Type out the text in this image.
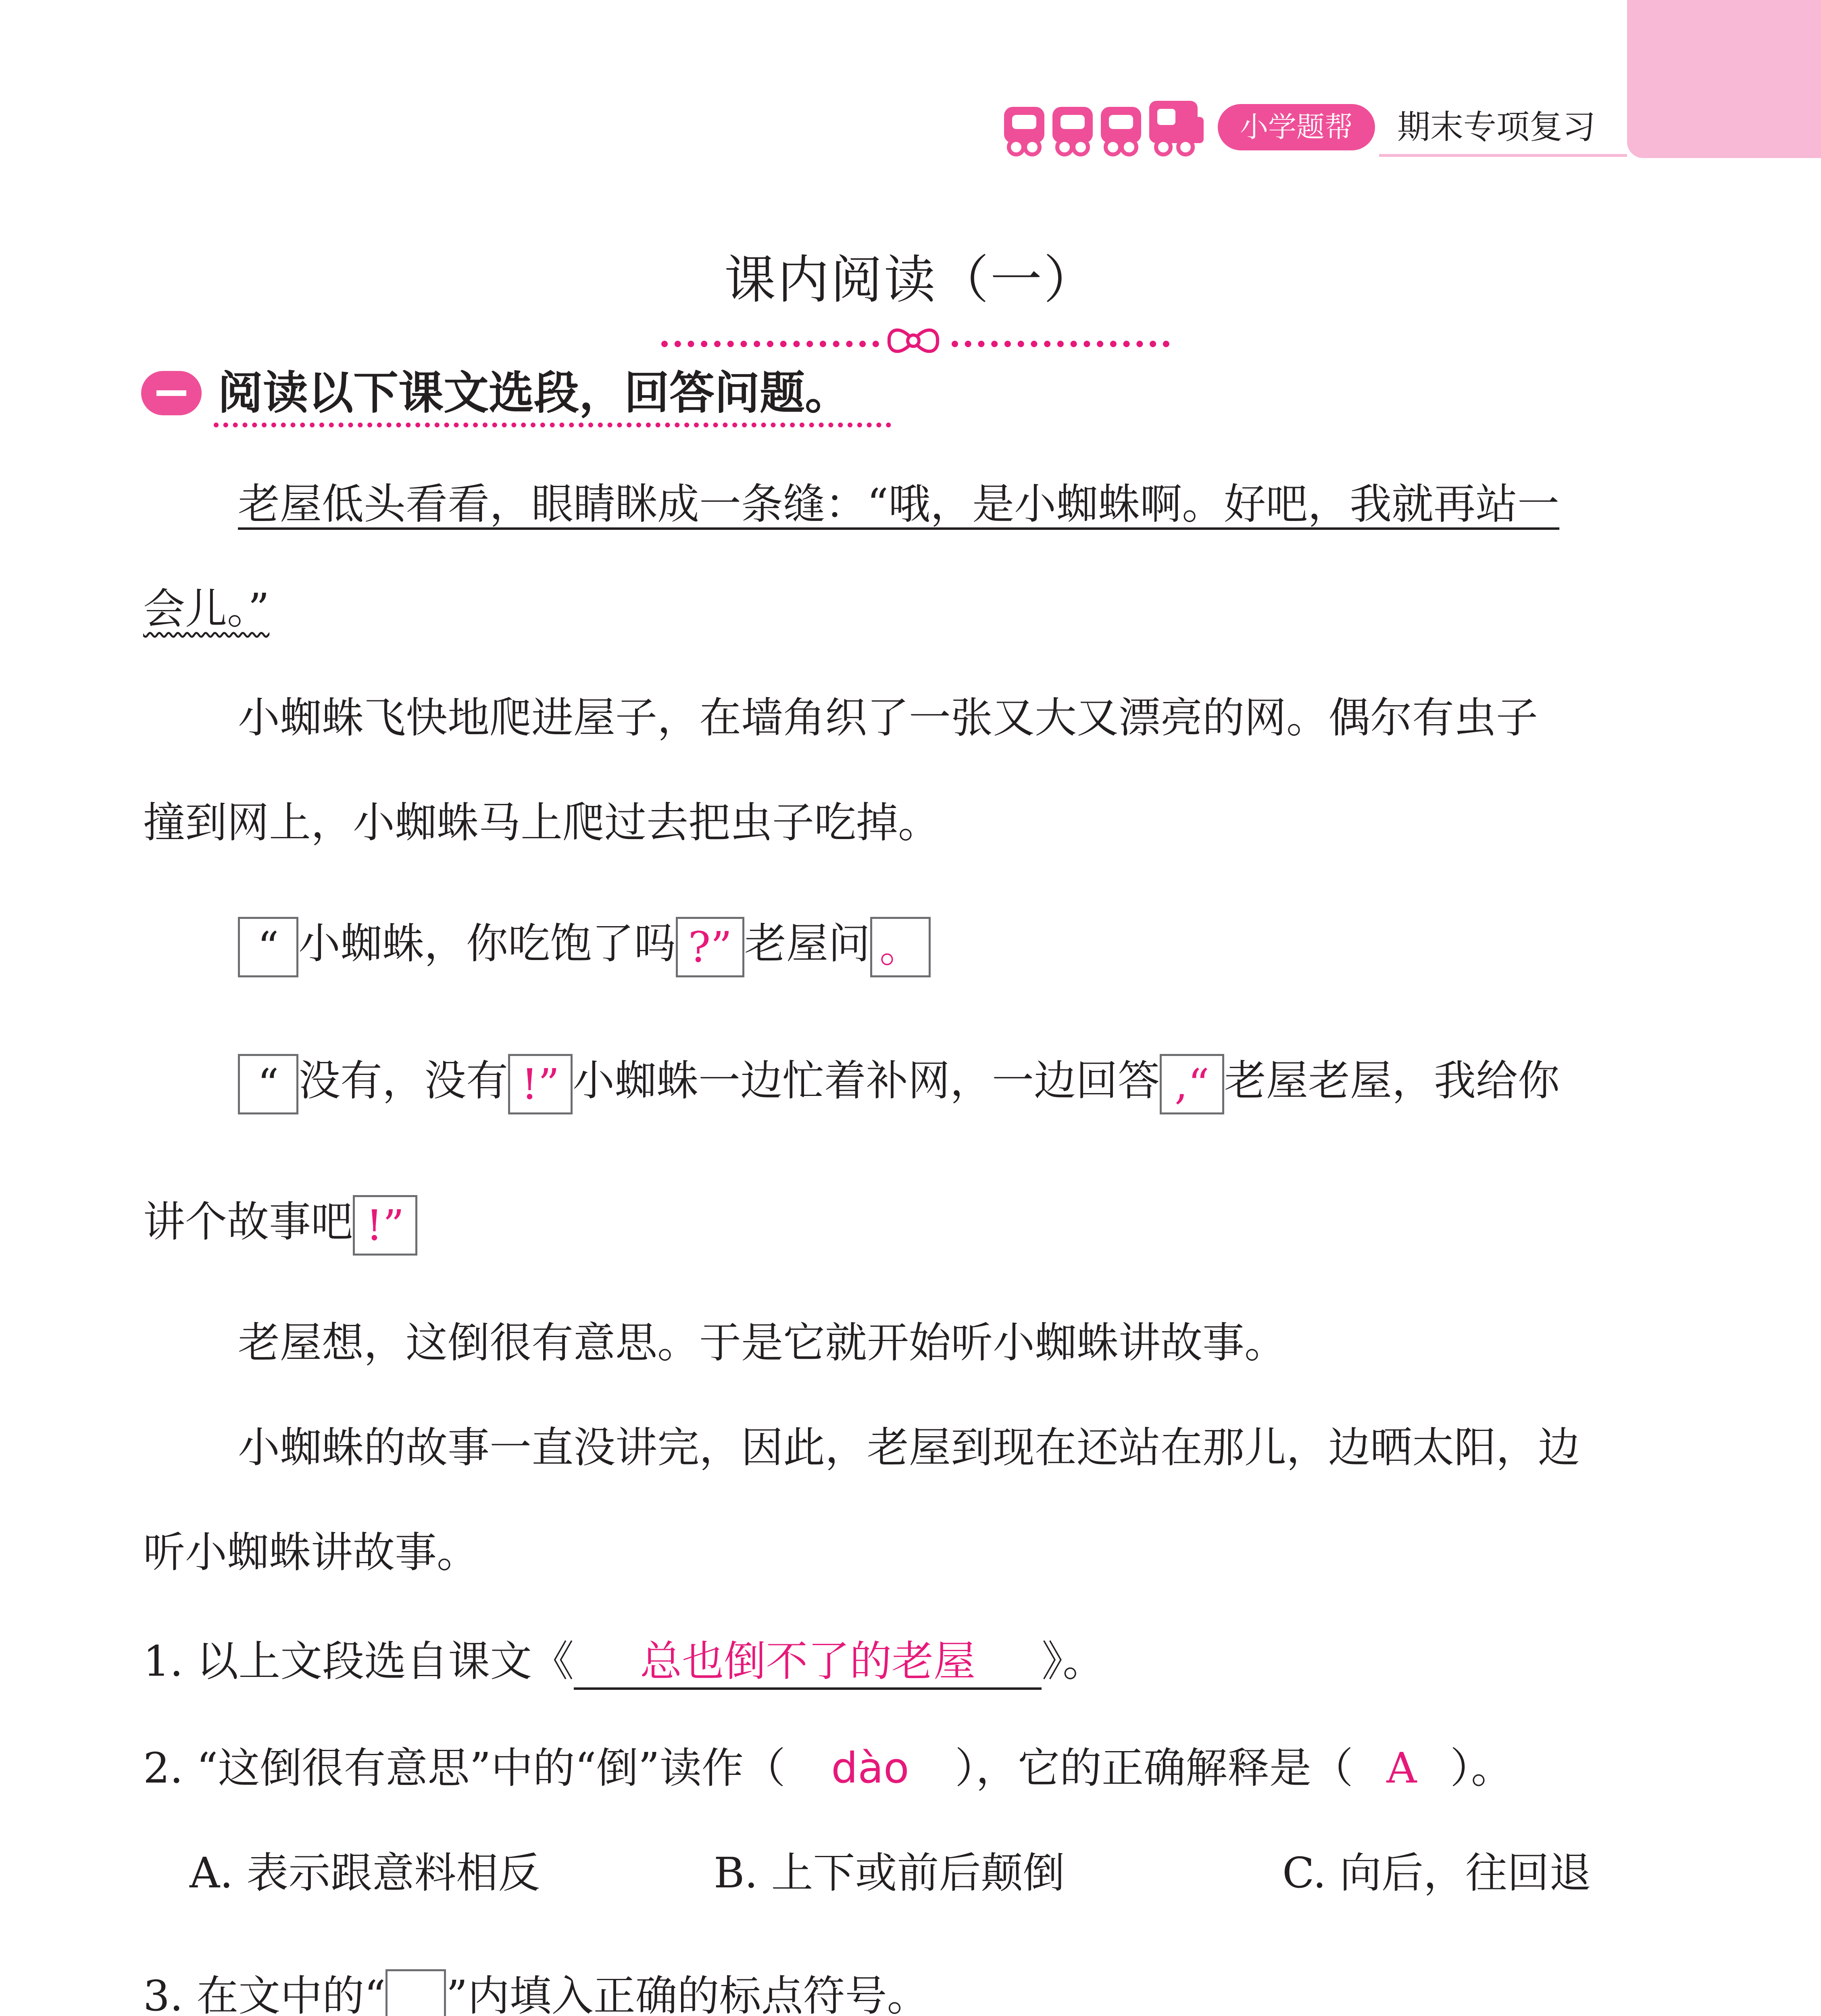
小学题帮	期末专项复习
课内阅读（一）
阅读以下课文选段，回答问题。
老屋低头看看，眼睛眯成一条缝：“哦，是小蜘蛛啊。好吧，我就再站一
会儿。”
小蜘蛛飞快地爬进屋子，在墙角织了一张又大又漂亮的网。偶尔有虫子
撞到网上，小蜘蛛马上爬过去把虫子吃掉。
“ 小蜘蛛，你吃饱了吗 ?” 老屋问 。
“ 没有，没有 !” 小蜘蛛一边忙着补网，一边回答 ,“ 老屋老屋，我给你
讲个故事吧 !”
老屋想，这倒很有意思。于是它就开始听小蜘蛛讲故事。
小蜘蛛的故事一直没讲完，因此，老屋到现在还站在那儿，边晒太阳，边
听小蜘蛛讲故事。
1. 以上文段选自课文《 总也倒不了的老屋 》。
2. “这倒很有意思”中的“倒”读作（ dào ），它的正确解释是（ A ）。
A. 表示跟意料相反	B. 上下或前后颠倒	C. 向后，往回退
3. 在文中的“ ”内填入正确的标点符号。
